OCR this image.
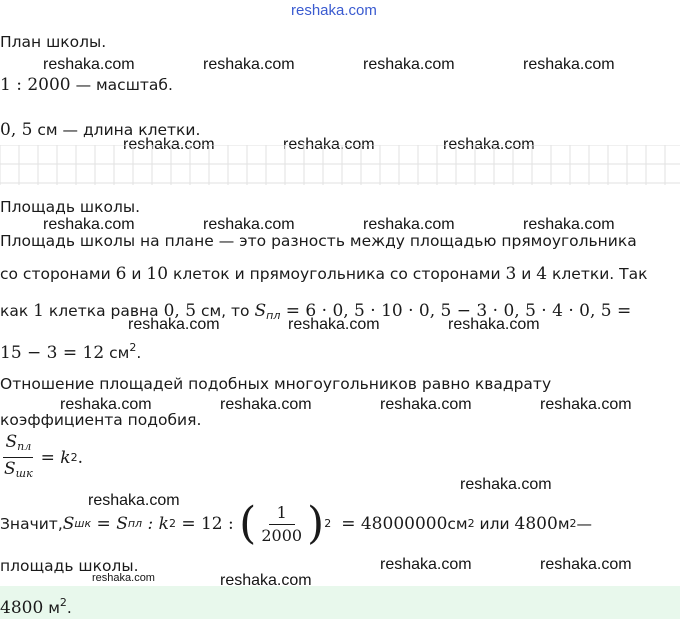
reshaka.com
reshaka.com	reshaka.com	reshaka.com	reshaka.com
reshaka.com	reshaka.com	reshaka.com
reshaka.com	reshaka.com	reshaka.com	reshaka.com
reshaka.com	reshaka.com	reshaka.com
reshaka.com	reshaka.com	reshaka.com	reshaka.com
reshaka.com
reshaka.com
reshaka.com	reshaka.com
reshaka.com
reshaka.com
План школы.
1 : 2000 — масштаб.
0, 5 см — длина клетки.
Площадь школы.
Площадь школы на плане — это разность между площадью прямоугольника
со сторонами 6 и 10 клеток и прямоугольника со сторонами 3 и 4 клетки. Так
как 1 клетка равна 0, 5 см, то $S_{пл} = 6 \cdot 0$, 5 · 10 · 0, 5 − 3 · 0, 5 · 4 · 0, 5 =
15 − 3 = 12 $см^2$.
Отношение площадей подобных многоугольников равно квадрату
коэффициента подобия.
$\frac{S_{пл}}{S_{шк}} = k$ 2 .
Значит, S шк = S пл : k 2 = 12 : ( $\frac{1}{2000}$ ) 2 = 48000000 см 2 или 4800 м 2 —
площадь школы.
4800 $м^2$.
